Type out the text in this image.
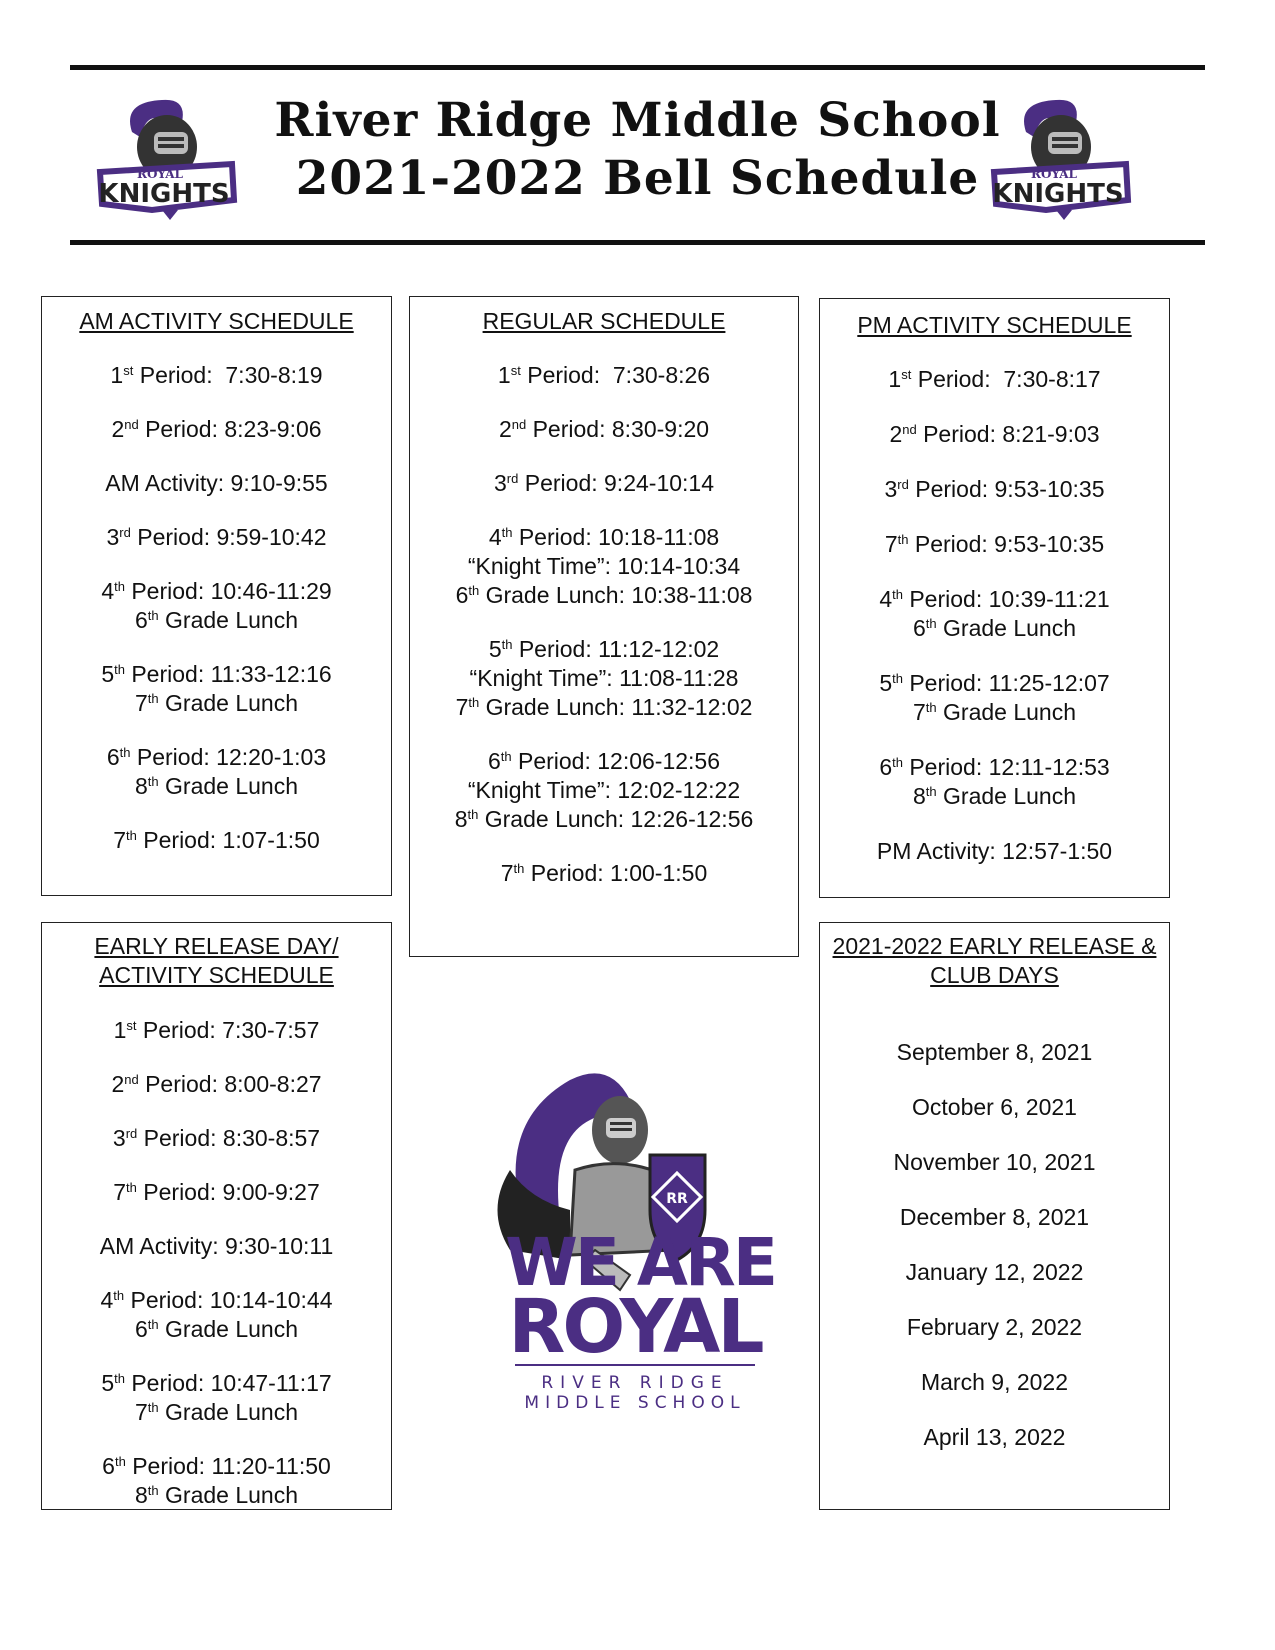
ROYAL
KNIGHTS
River Ridge Middle School
2021-2022 Bell Schedule	ROYAL
KNIGHTS
AM ACTIVITY SCHEDULE
1st Period:  7:30-8:19
2nd Period: 8:23-9:06
AM Activity: 9:10-9:55
3rd Period: 9:59-10:42
4th Period: 10:46-11:29
6th Grade Lunch
5th Period: 11:33-12:16
7th Grade Lunch
6th Period: 12:20-1:03
8th Grade Lunch
7th Period: 1:07-1:50
REGULAR SCHEDULE
1st Period:  7:30-8:26
2nd Period: 8:30-9:20
3rd Period: 9:24-10:14
4th Period: 10:18-11:08
“Knight Time”: 10:14-10:34
6th Grade Lunch: 10:38-11:08
5th Period: 11:12-12:02
“Knight Time”: 11:08-11:28
7th Grade Lunch: 11:32-12:02
6th Period: 12:06-12:56
“Knight Time”: 12:02-12:22
8th Grade Lunch: 12:26-12:56
7th Period: 1:00-1:50
PM ACTIVITY SCHEDULE
1st Period:  7:30-8:17
2nd Period: 8:21-9:03
3rd Period: 9:53-10:35
7th Period: 9:53-10:35
4th Period: 10:39-11:21
6th Grade Lunch
5th Period: 11:25-12:07
7th Grade Lunch
6th Period: 12:11-12:53
8th Grade Lunch
PM Activity: 12:57-1:50
EARLY RELEASE DAY/
ACTIVITY SCHEDULE
1st Period: 7:30-7:57
2nd Period: 8:00-8:27
3rd Period: 8:30-8:57
7th Period: 9:00-9:27
AM Activity: 9:30-10:11
4th Period: 10:14-10:44
6th Grade Lunch
5th Period: 10:47-11:17
7th Grade Lunch
6th Period: 11:20-11:50
8th Grade Lunch
RR
WE ARE
ROYAL
RIVER RIDGE
MIDDLE SCHOOL
2021-2022 EARLY RELEASE &
CLUB DAYS
September 8, 2021
October 6, 2021
November 10, 2021
December 8, 2021
January 12, 2022
February 2, 2022
March 9, 2022
April 13, 2022
